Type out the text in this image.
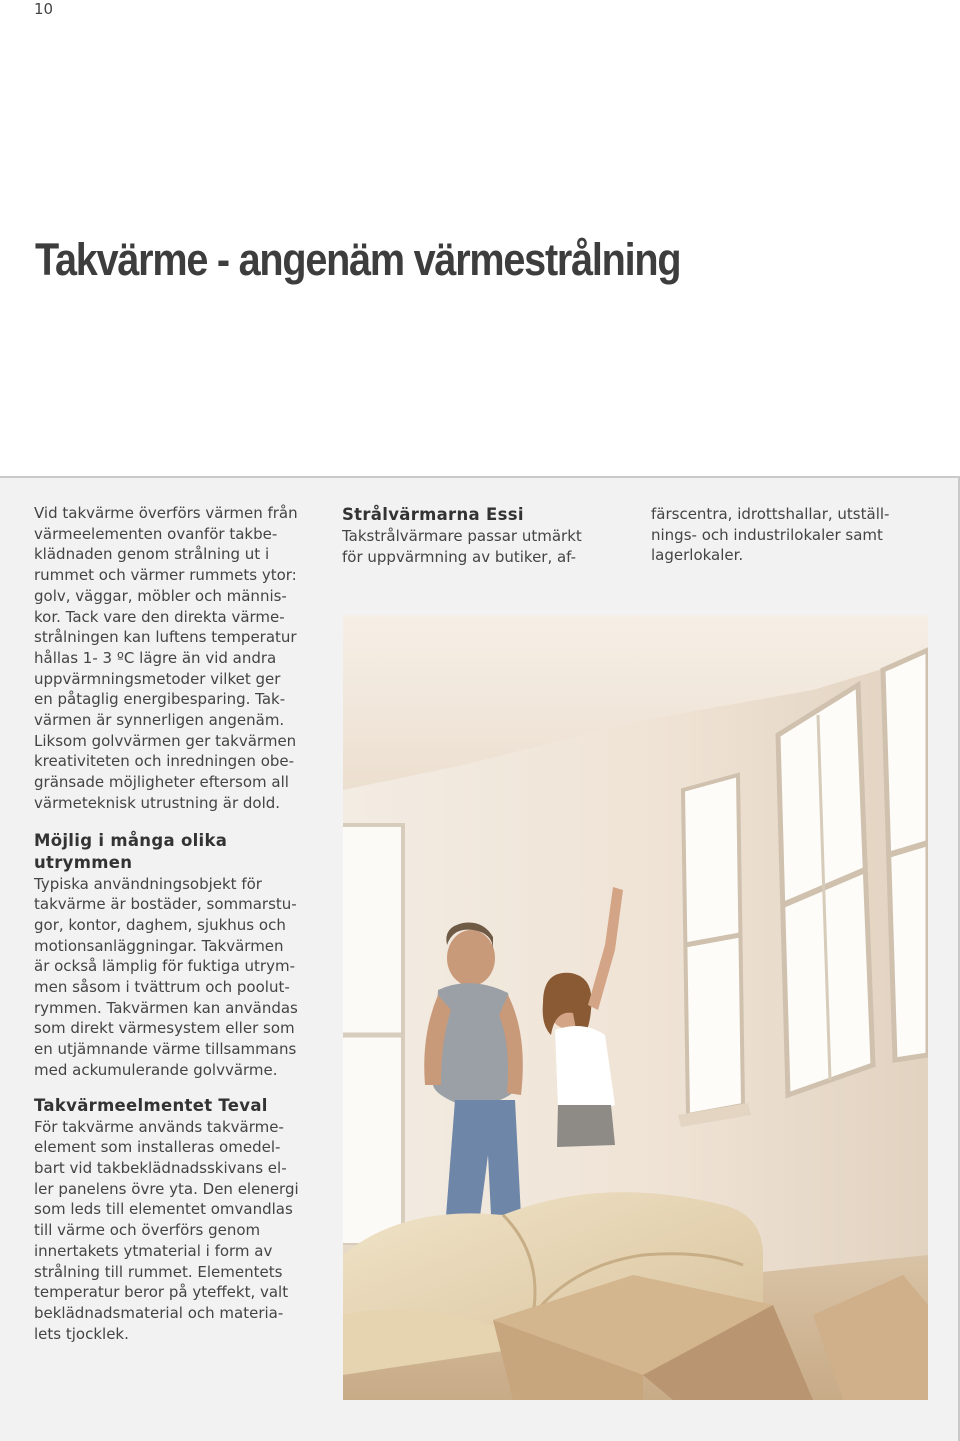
10
Takvärme - angenäm värmestrålning

Vid takvärme överförs värmen från
värmeelementen ovanför takbe-
klädnaden genom strålning ut i
rummet och värmer rummets ytor:
golv, väggar, möbler och männis-
kor. Tack vare den direkta värme-
strålningen kan luftens temperatur
hållas 1- 3 ºC lägre än vid andra
uppvärmningsmetoder vilket ger
en påtaglig energibesparing. Tak-
värmen är synnerligen angenäm.
Liksom golvvärmen ger takvärmen
kreativiteten och inredningen obe-
gränsade möjligheter eftersom all
värmeteknisk utrustning är dold.

Möjlig i många olika utrymmen

Typiska användningsobjekt för
takvärme är bostäder, sommarstu-
gor, kontor, daghem, sjukhus och
motionsanläggningar. Takvärmen
är också lämplig för fuktiga utrym-
men såsom i tvättrum och poolut-
rymmen. Takvärmen kan användas
som direkt värmesystem eller som
en utjämnande värme tillsammans
med ackumulerande golvvärme.

Takvärmeelmentet Teval

För takvärme används takvärme-
element som installeras omedel-
bart vid takbeklädnadsskivans el-
ler panelens övre yta. Den elenergi
som leds till elementet omvandlas
till värme och överförs genom
innertakets ytmaterial i form av
strålning till rummet. Elementets
temperatur beror på yteffekt, valt
beklädnadsmaterial och materia-
lets tjocklek.

Strålvärmarna Essi

Takstrålvärmare passar utmärkt
för uppvärmning av butiker, af-

färscentra, idrottshallar, utställ-
nings- och industrilokaler samt
lagerlokaler.
